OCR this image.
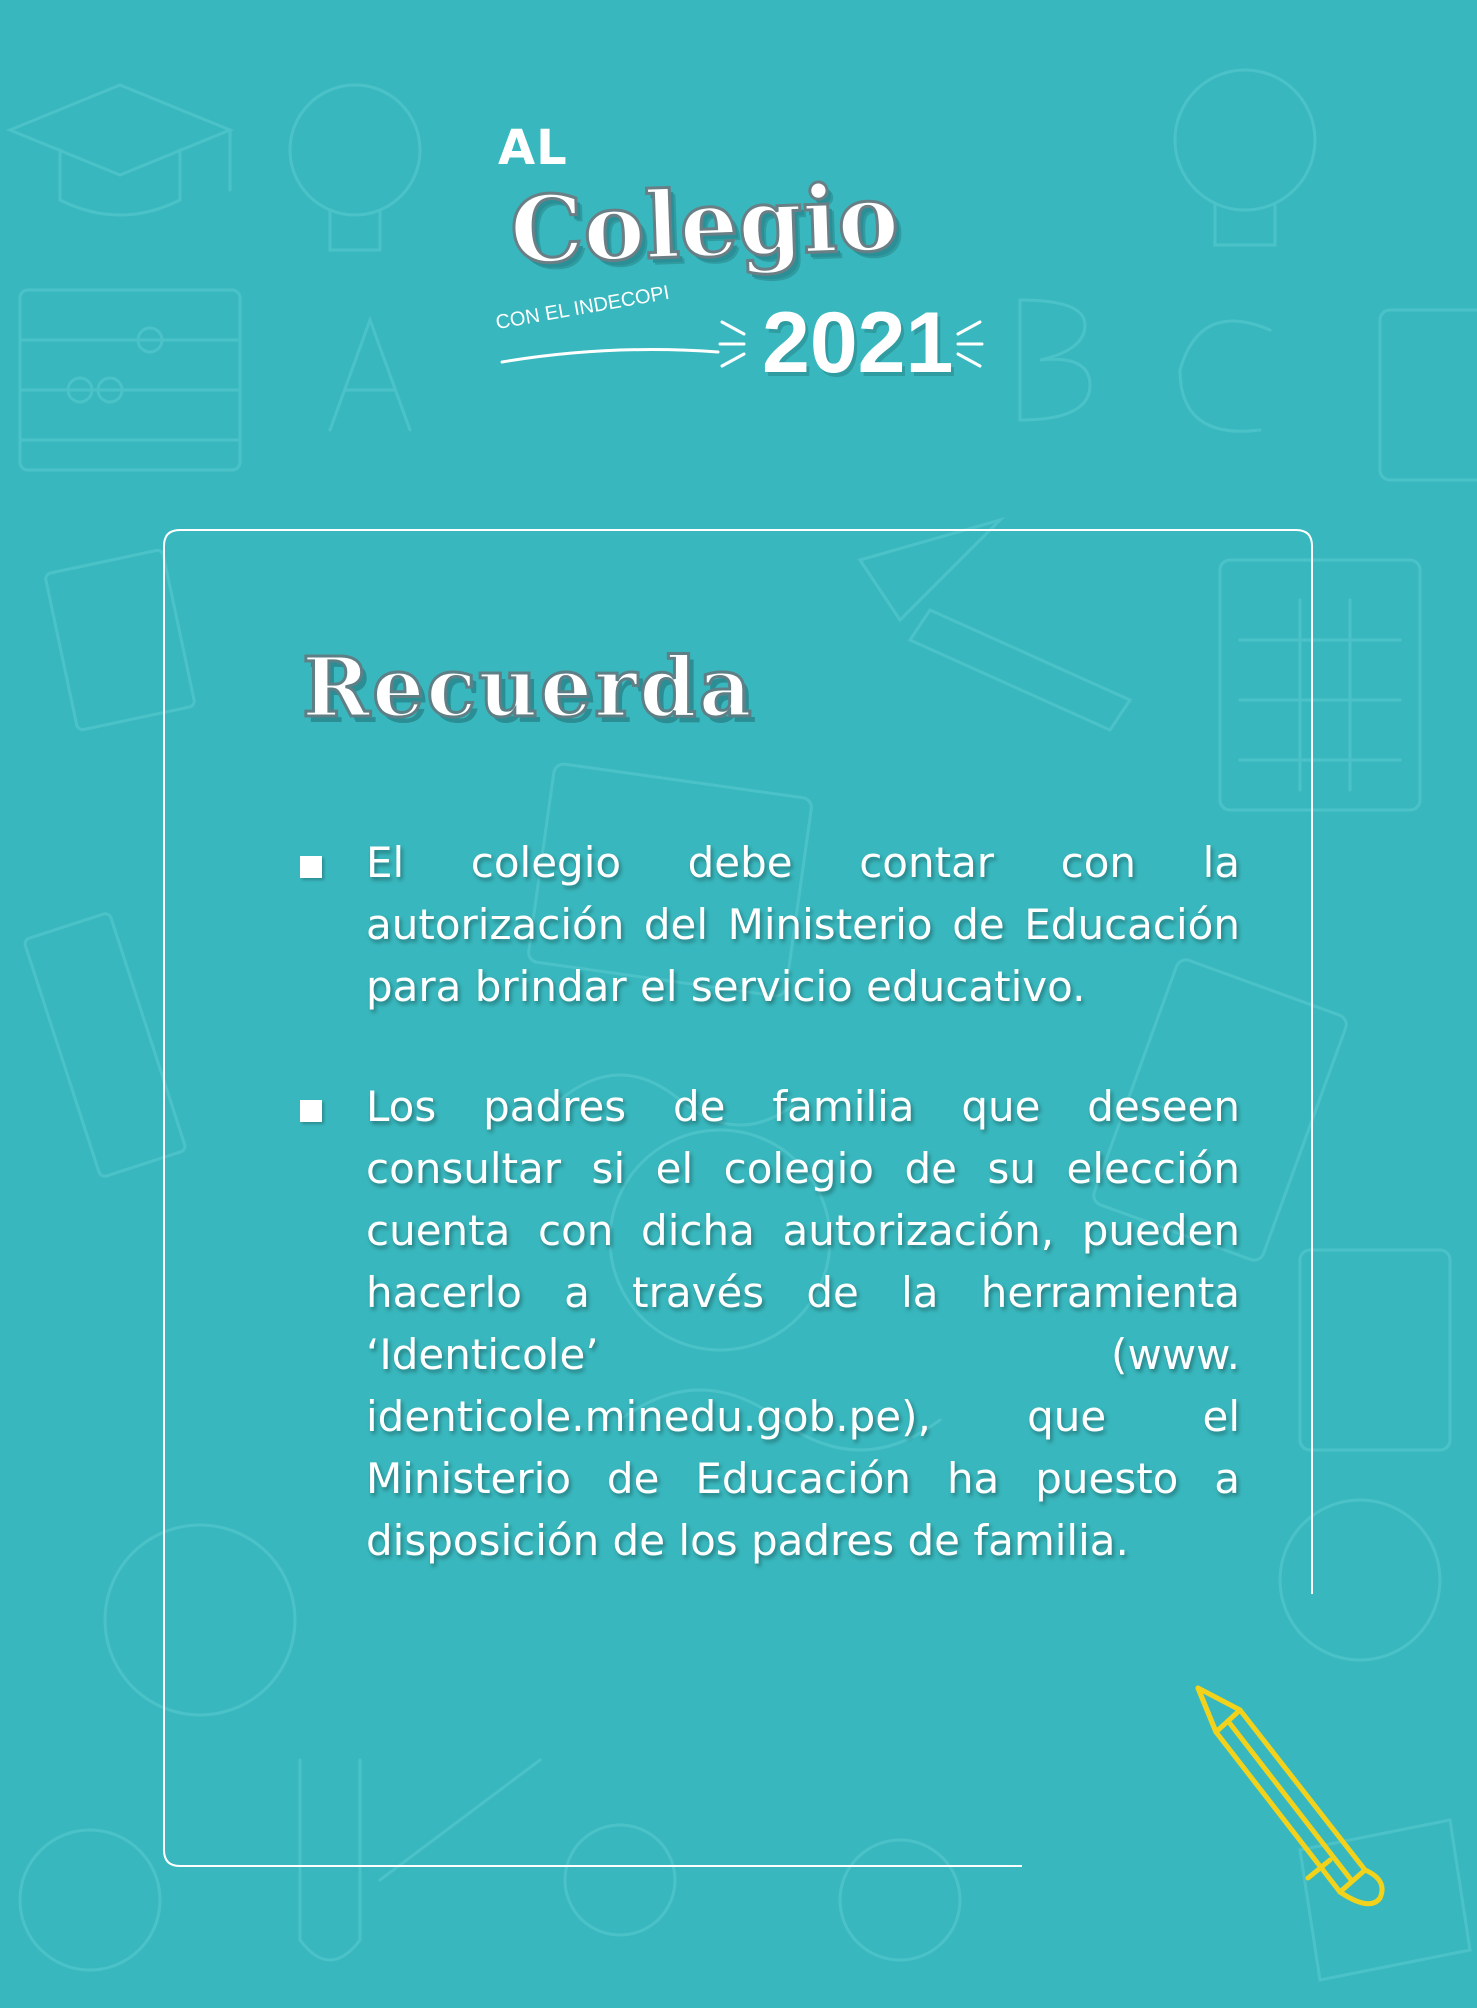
AL
Colegio
CON EL INDECOPI 2021
Recuerda
El colegio debe contar con la autorización del Ministerio de Educación para brindar el servicio educativo.
Los padres de familia que deseen consultar si el colegio de su elección cuenta con dicha autorización, pueden hacerlo a través de la herramienta ‘Identicole’ (www. identicole.minedu.gob.pe), que el Ministerio de Educación ha puesto a disposición de los padres de familia.
